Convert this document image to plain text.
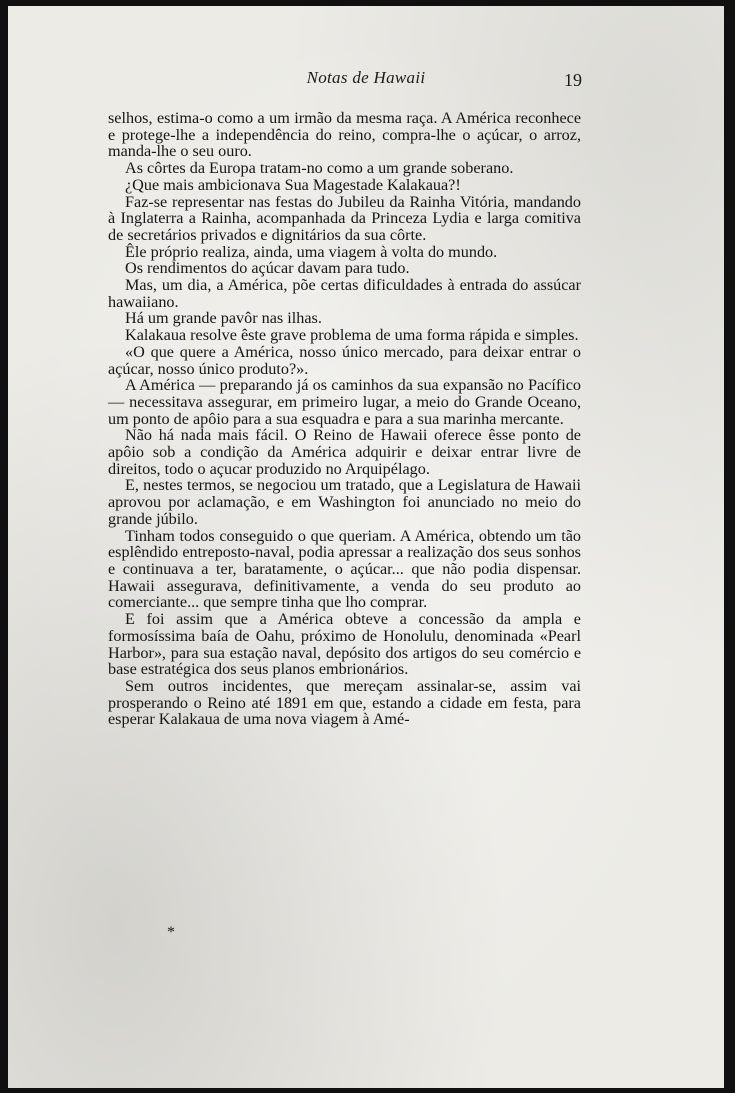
Notas de Hawaii	19

selhos, estima-o como a um irmão da mesma raça. A América reconhece e protege-lhe a independência do reino, compra-lhe o açúcar, o arroz, manda-lhe o seu ouro.

As côrtes da Europa tratam-no como a um grande soberano.

¿Que mais ambicionava Sua Magestade Kalakaua?!

Faz-se representar nas festas do Jubileu da Rainha Vitória, mandando à Inglaterra a Rainha, acompanhada da Princeza Lydia e larga comitiva de secretários privados e dignitários da sua côrte.

Êle próprio realiza, ainda, uma viagem à volta do mundo.

Os rendimentos do açúcar davam para tudo.

Mas, um dia, a América, põe certas dificuldades à entrada do assúcar hawaiiano.

Há um grande pavôr nas ilhas.

Kalakaua resolve êste grave problema de uma forma rápida e simples.

«O que quere a América, nosso único mercado, para deixar entrar o açúcar, nosso único produto?».

A América — preparando já os caminhos da sua expansão no Pacífico — necessitava assegurar, em primeiro lugar, a meio do Grande Oceano, um ponto de apôio para a sua esquadra e para a sua marinha mercante.

Não há nada mais fácil. O Reino de Hawaii oferece êsse ponto de apôio sob a condição da América adquirir e deixar entrar livre de direitos, todo o açucar produzido no Arquipélago.

E, nestes termos, se negociou um tratado, que a Legislatura de Hawaii aprovou por aclamação, e em Washington foi anunciado no meio do grande júbilo.

Tinham todos conseguido o que queriam. A América, obtendo um tão esplêndido entreposto-naval, podia apressar a realização dos seus sonhos e continuava a ter, baratamente, o açúcar... que não podia dispensar. Hawaii assegurava, definitivamente, a venda do seu produto ao comerciante... que sempre tinha que lho comprar.

E foi assim que a América obteve a concessão da ampla e formosíssima baía de Oahu, próximo de Honolulu, denominada «Pearl Harbor», para sua estação naval, depósito dos artigos do seu comércio e base estratégica dos seus planos embrionários.

Sem outros incidentes, que mereçam assinalar-se, assim vai prosperando o Reino até 1891 em que, estando a cidade em festa, para esperar Kalakaua de uma nova viagem à Amé-

*
